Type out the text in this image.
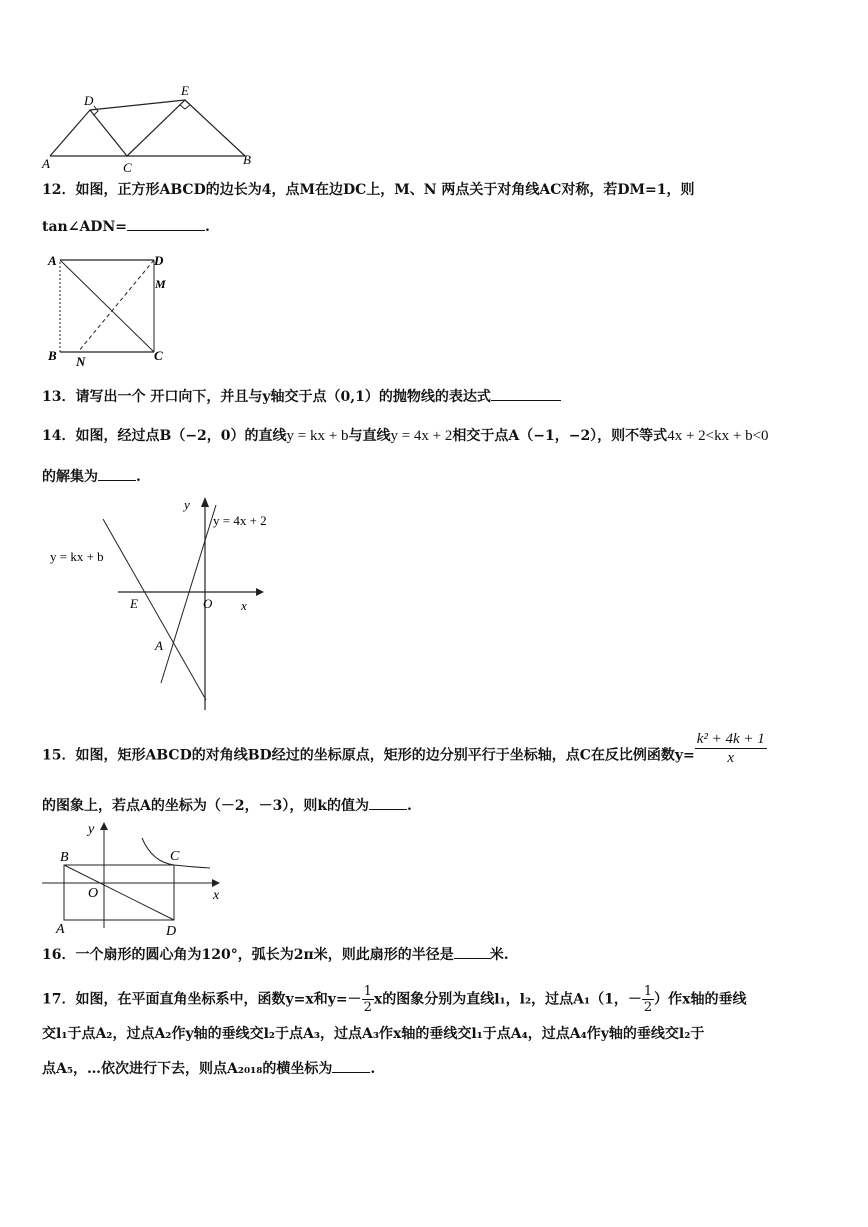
D
E
A	C
B
12．如图，正方形ABCD的边长为4，点M在边DC上，M、N 两点关于对角线AC对称，若DM=1，则
tan∠ADN=	.
A	D
M
B N	C
13．请写出一个 开口向下，并且与y轴交于点（0,1）的抛物线的表达式
14．如图，经过点B（−2，0）的直线y = kx + b与直线y = 4x + 2相交于点A（−1，−2），则不等式4x + 2<kx + b<0
的解集为	.
y
y = 4x + 2
y = kx + b
E	O x
A
15．如图，矩形ABCD的对角线BD经过的坐标原点，矩形的边分别平行于坐标轴，点C在反比例函数$y= \frac{\text{k² + 4k + 1}}{x}$
的图象上，若点A的坐标为（－2，－3），则k的值为	.
y
B	C
O	x
A	D
16．一个扇形的圆心角为120°，弧长为2π米，则此扇形的半径是	米.
17．如图，在平面直角坐标系中，函数y=x和$y=- \frac{1}{2}$ x的图象分别为直线l₁，l₂，过点A₁（1，－ $\frac{1}{2}$ ）作x轴的垂线
交l₁于点A₂，过点A₂作y轴的垂线交l₂于点A₃，过点A₃作x轴的垂线交l₁于点A₄，过点A₄作y轴的垂线交l₂于
点A₅，…依次进行下去，则点A₂₀₁₈的横坐标为	.
